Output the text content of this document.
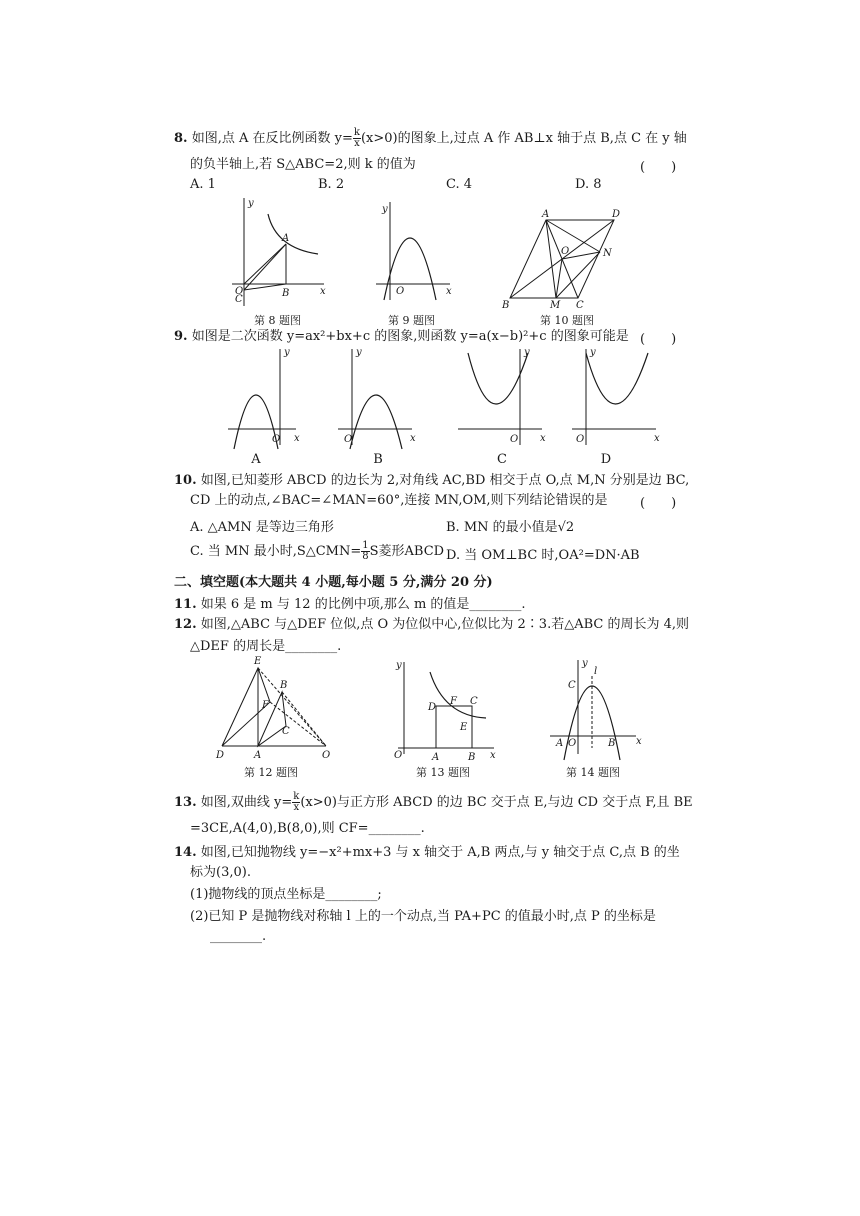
8. 如图,点 A 在反比例函数 $y= \frac{k}{x} (x>0)$的图象上,过点 A 作 AB⊥x 轴于点 B,点 C 在 y 轴
的负半轴上,若 S△ABC=2,则 k 的值为	(　　)
A. 1	B. 2	C. 4	D. 8
y
x
O
A
B
C
y
x
O
A	D
B	C
M
N
O
第 8 题图	第 9 题图	第 10 题图
9. 如图是二次函数 y=ax²+bx+c 的图象,则函数 y=a(x−b)²+c 的图象可能是 (　　)
y
x
O
y
x
O
y
x
O
y
x
O
A	B	C	D
10. 如图,已知菱形 ABCD 的边长为 2,对角线 AC,BD 相交于点 O,点 M,N 分别是边 BC,
CD 上的动点,∠BAC=∠MAN=60°,连接 MN,OM,则下列结论错误的是 (　　)
A. △AMN 是等边三角形	B. MN 的最小值是√2
C. 当 MN 最小时,S△CMN= $\frac{1}{8}$ S菱形ABCD D. 当 OM⊥BC 时,OA²=DN·AB
二、填空题(本大题共 4 小题,每小题 5 分,满分 20 分)
11. 如果 6 是 m 与 12 的比例中项,那么 m 的值是________.
12. 如图,△ABC 与△DEF 位似,点 O 为位似中心,位似比为 2∶3.若△ABC 的周长为 4,则
△DEF 的周长是________.
E
B
F
C
D	A	O
y
x
O	A	B
C
D
F
E
y
l
x
C
A O	B
第 12 题图	第 13 题图	第 14 题图
13. 如图,双曲线 $y= \frac{k}{x} (x>0)$与正方形 ABCD 的边 BC 交于点 E,与边 CD 交于点 F,且 BE
=3CE,A(4,0),B(8,0),则 CF=________.
14. 如图,已知抛物线 y=−x²+mx+3 与 x 轴交于 A,B 两点,与 y 轴交于点 C,点 B 的坐
标为(3,0).
(1)抛物线的顶点坐标是________;
(2)已知 P 是抛物线对称轴 l 上的一个动点,当 PA+PC 的值最小时,点 P 的坐标是
________.
